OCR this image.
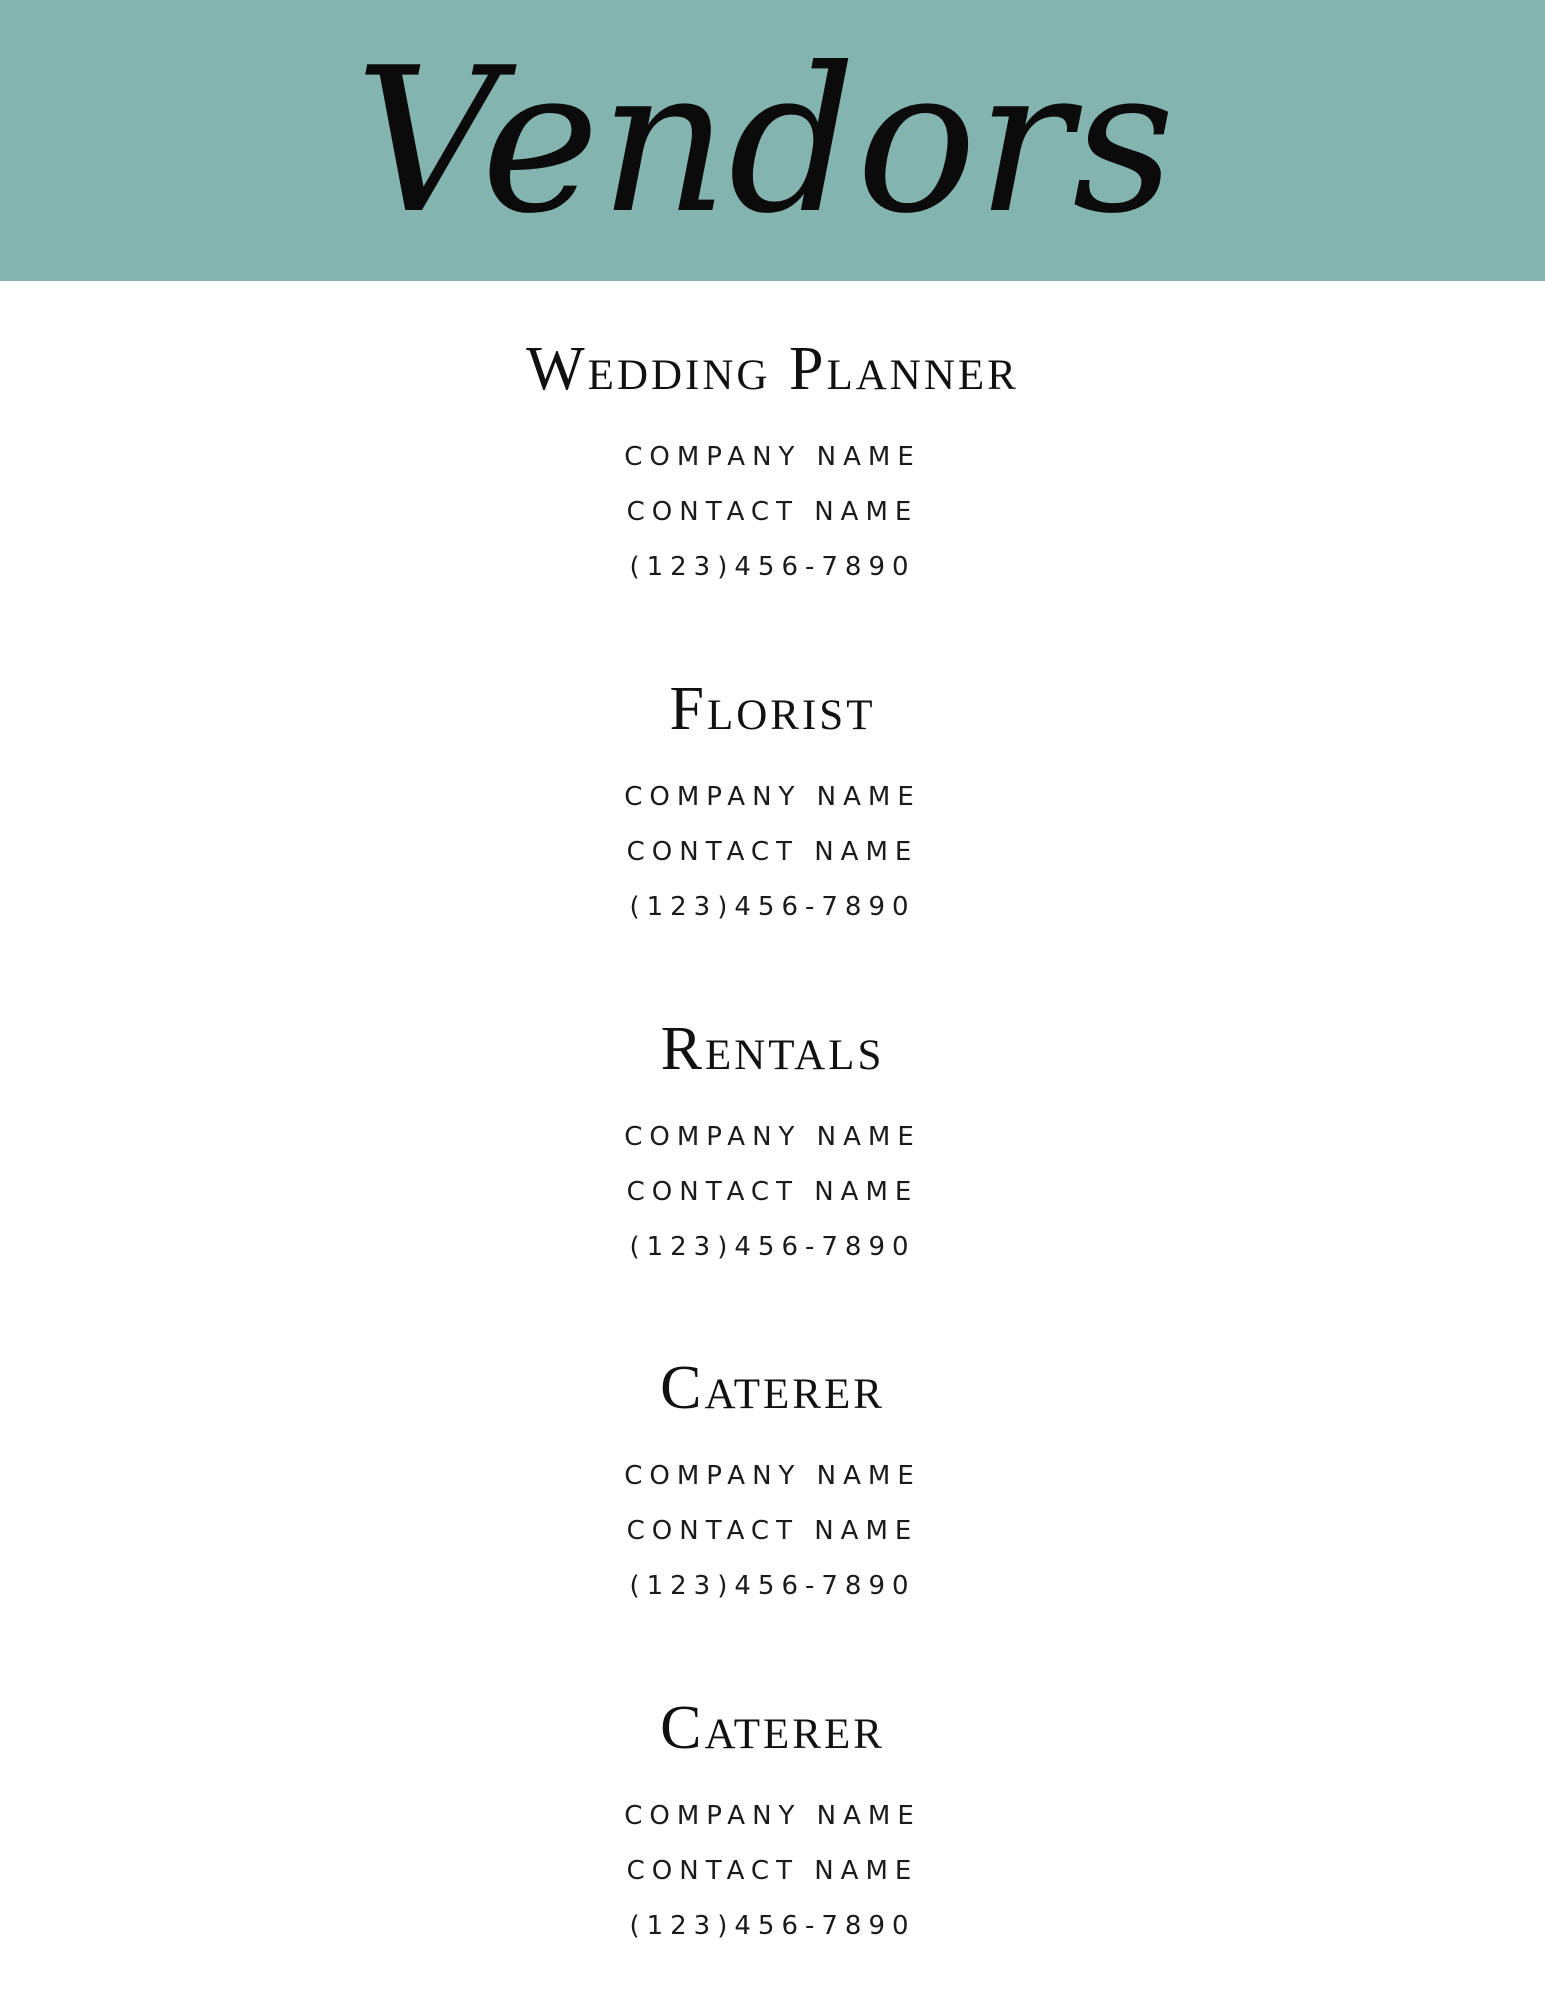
Vendors
Wedding Planner

COMPANY NAME

CONTACT NAME

(123)456-7890

Florist

COMPANY NAME

CONTACT NAME

(123)456-7890

Rentals

COMPANY NAME

CONTACT NAME

(123)456-7890

Caterer

COMPANY NAME

CONTACT NAME

(123)456-7890

Caterer

COMPANY NAME

CONTACT NAME

(123)456-7890
